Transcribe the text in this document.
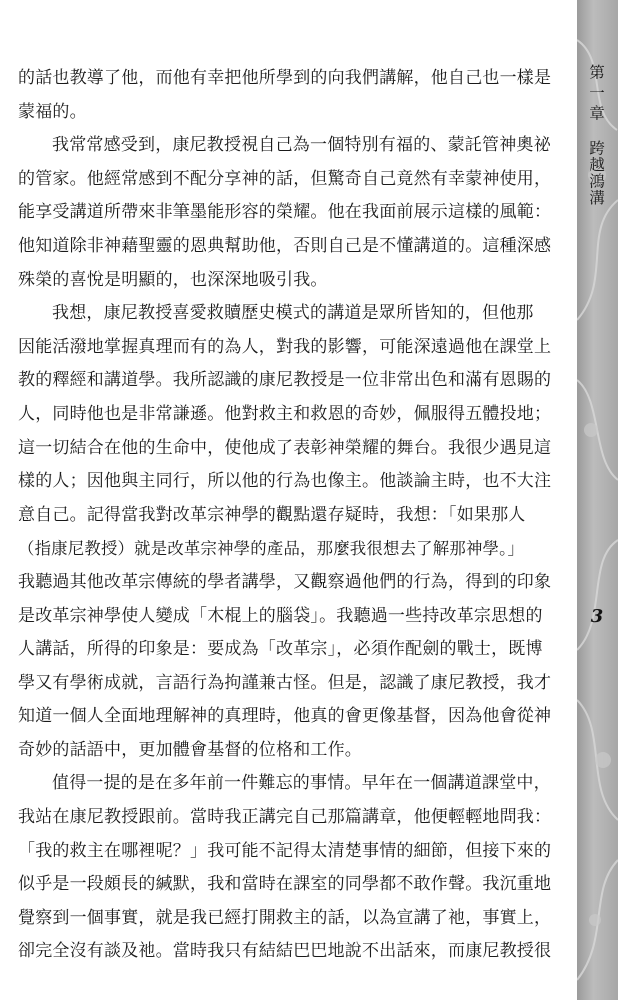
的話也教導了他，而他有幸把他所學到的向我們講解，他自己也一樣是

蒙福的。

我常常感受到，康尼教授視自己為一個特別有福的、蒙託管神奧祕

的管家。他經常感到不配分享神的話，但驚奇自己竟然有幸蒙神使用，

能享受講道所帶來非筆墨能形容的榮耀。他在我面前展示這樣的風範：

他知道除非神藉聖靈的恩典幫助他，否則自己是不懂講道的。這種深感

殊榮的喜悅是明顯的，也深深地吸引我。

我想，康尼教授喜愛救贖歷史模式的講道是眾所皆知的，但他那

因能活潑地掌握真理而有的為人，對我的影響，可能深遠過他在課堂上

教的釋經和講道學。我所認識的康尼教授是一位非常出色和滿有恩賜的

人，同時他也是非常謙遜。他對救主和救恩的奇妙，佩服得五體投地；

這一切結合在他的生命中，使他成了表彰神榮耀的舞台。我很少遇見這

樣的人；因他與主同行，所以他的行為也像主。他談論主時，也不大注

意自己。記得當我對改革宗神學的觀點還存疑時，我想：「如果那人

（指康尼教授）就是改革宗神學的產品，那麼我很想去了解那神學。」

我聽過其他改革宗傳統的學者講學，又觀察過他們的行為，得到的印象

是改革宗神學使人變成「木棍上的腦袋」。我聽過一些持改革宗思想的

人講話，所得的印象是：要成為「改革宗」，必須作配劍的戰士，既博

學又有學術成就，言語行為拘謹兼古怪。但是，認識了康尼教授，我才

知道一個人全面地理解神的真理時，他真的會更像基督，因為他會從神

奇妙的話語中，更加體會基督的位格和工作。

值得一提的是在多年前一件難忘的事情。早年在一個講道課堂中，

我站在康尼教授跟前。當時我正講完自己那篇講章，他便輕輕地問我：

「我的救主在哪裡呢？」我可能不記得太清楚事情的細節，但接下來的

似乎是一段頗長的緘默，我和當時在課室的同學都不敢作聲。我沉重地

覺察到一個事實，就是我已經打開救主的話，以為宣講了祂，事實上，

卻完全沒有談及祂。當時我只有結結巴巴地說不出話來，而康尼教授很

第一章
跨越鴻溝
3
